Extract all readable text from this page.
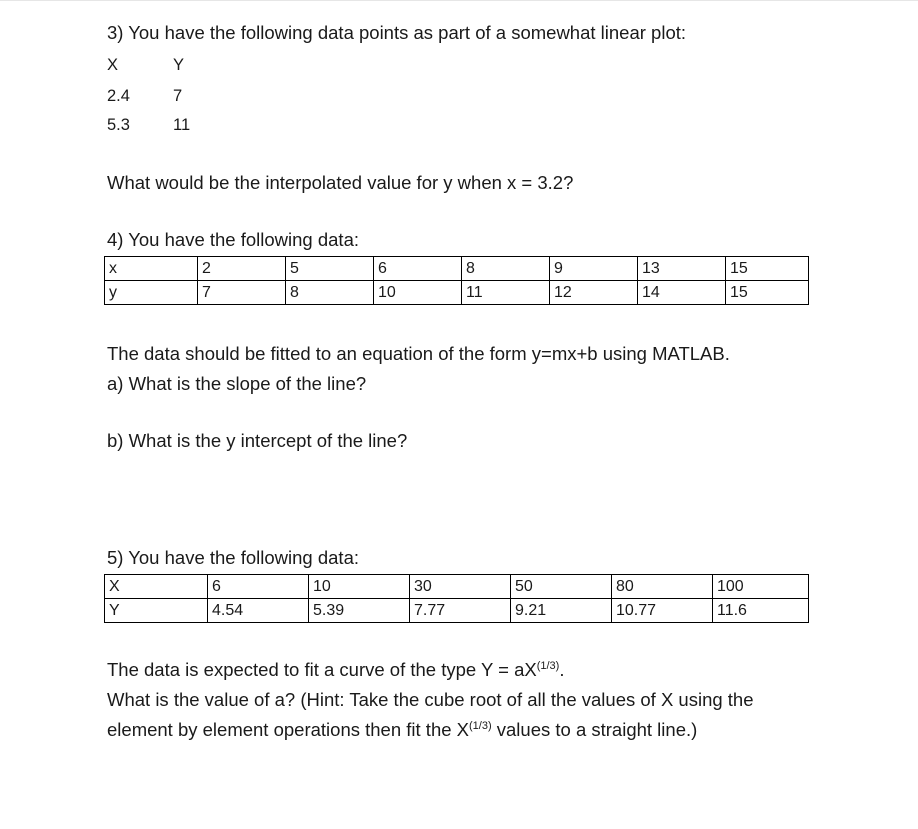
3) You have the following data points as part of a somewhat linear plot:
X	Y
2.4	7
5.3	11
What would be the interpolated value for y when x = 3.2?
4) You have the following data:
x	2	5	6	8	9	13	15
y	7	8	10	11	12	14	15
The data should be fitted to an equation of the form y=mx+b using MATLAB.
a) What is the slope of the line?
b) What is the y intercept of the line?
5) You have the following data:
X	6	10	30	50	80	100
Y	4.54	5.39	7.77	9.21	10.77	11.6
The data is expected to fit a curve of the type $Y = aX^{(1/3)}$.
What is the value of a? (Hint: Take the cube root of all the values of X using the
element by element operations then fit the $X^{(1/3)}$ values to a straight line.)
